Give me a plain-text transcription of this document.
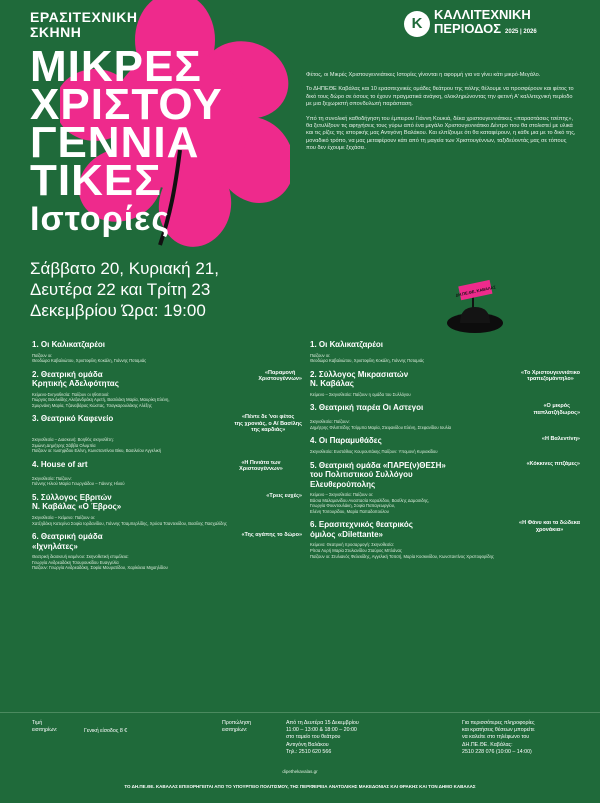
ΕΡΑΣΙΤΕΧΝΙΚΗ
ΣΚΗΝΗ
ΜΙΚΡΕΣ
ΧΡΙΣΤΟΥ
ΓΕΝΝΙΑ
ΤΙΚΕΣ
Ιστορίες
Σάββατο 20, Κυριακή 21,
Δευτέρα 22 και Τρίτη 23
Δεκεμβρίου Ώρα: 19:00
Κ
ΚΑΛΛΙΤΕΧΝΙΚΗ
ΠΕΡΙΟΔΟΣ 2025 | 2026

Φέτος, οι Μικρές Χριστουγεννιάτικες Ιστορίες γίνονται η αφορμή για να γίνει κάτι μικρό-Μεγάλο.

Το ΔΗΠΕΘΕ Καβάλας και 10 ερασιτεχνικές ομάδες θεάτρου της πόλης θέλουμε να προσφέρουν και φέτος το δικό τους δώρο σε όσους το έχουν πραγματικά ανάγκη, ολοκληρώνοντας την φετινή Α' καλλιτεχνική περίοδο με μια ξεχωριστή σπονδυλωτή παράσταση.

Υπό τη συνολική καθοδήγηση του έμπειρου Γιάννη Κουκιά, δέκα χριστουγεννιάτικες «παραστάσεις τσέπης», θα ξετυλίξουν τις αφηγήσεις τους γύρω από ένα μεγάλο Χριστουγεννιάτικο Δέντρο που θα στολιστεί με υλικά και τις ρίζες της ιστορικής μας Αντιγόνη Βαλάκου. Και ελπίζουμε ότι θα καταφέρουν, η κάθε μια με το δικό της, μοναδικό τρόπο, να μας μεταφέρουν κάτι από τη μαγεία των Χριστουγέννων, ταξιδεύοντάς μας σε τόπους που δεν έχουμε ξεχάσει.

ΔΗ.ΠΕ.ΘΕ. ΚΑΒΑΛΑΣ
1. Οι Καλικατζαρέοι
Παίζουν οι:
Θεοδώρα Καβαλιώτου, Χριστοφίλη Κοκάλη, Γιάννης Ποταμιάς
2. Θεατρική ομάδα
Κρητικής Αδελφότητας
«Παραμονή
Χριστουγέννων»
Κείμενο-Σκηνοθεσία: Παίζουν οι ηθοποιοί:
Γιώργος Βουλκίδης Αλεξανδράκη Αρετή, Βασιλάκη Μαρία, Μαυρίκη Ελένη,
Σμυρνάκη Μαρία, Τζαναβάρας Κώστας, Τσαγκαρουλάκης Αλέξης
3. Θεατρικό Καφενείο	«Πέντε δε 'νοι φέτος
της χρονιάς, ο Αϊ Βασίλης
της καρδιάς»
Σκηνοθεσία – Διασκευή: Βοηθός σκηνοθέτη:
Σιμώνη Δημήτρης Σάββα Ολυμπία
Παίζουν οι: Ιωσηφίδου Ελένη, Κωνσταντίνου Βίκυ, Βασιλείου Αγγελική
4. House of art	«Η Πινιάτα των Χριστουγέννων»
Σκηνοθεσία: Παίζουν:
Γιάννης Ηλιού Μαρία Γεωργιάδου – Γιάννης Ηλιού
5. Σύλλογος Εβριτών
Ν. Καβάλας «Ο Έβρος»
«Τρεις ευχές»
Σκηνοθεσία – Κείμενο: Παίζουν οι:
Χατζηδάκη Κατερίνα Σοφία Ιορδανίδου, Γιάννης Τσαμπερλίδης, Χρύσα Τσαντεκίδου, Βασίλης Πασχαλίδης
6. Θεατρική ομάδα
«Ιχνηλάτες»
«Της αγάπης το δώρο»
Θεατρική διασκευή κειμένου: Σκηνοθετική επιμέλεια:
Γεωργία Ανδρεαδάκη Τσουρουκίδου Ευαγγελία
Παίζουν: Γεωργία Ανδρεαδάκη, Σοφία Μουρατίδου, Χαρίκλεια Μιχαηλίδου
1. Οι Καλικατζαρέοι
Παίζουν οι:
Θεοδώρα Καβαλιώτου, Χριστοφίλη Κοκάλη, Γιάννης Ποταμιάς
2. Σύλλογος Μικρασιατών
Ν. Καβάλας
«Το Χριστουγεννιάτικο
τραπεζομάντηλο»
Κείμενο – Σκηνοθεσία: Παίζουν η ομάδα του Συλλόγου
3. Θεατρική παρέα Οι Αστεγοι	«Ο μικρός
παπλατζήδωρος»
Σκηνοθεσία: Παίζουν:
Δημήτρης Φιλιππίδης Τσίρμπα Μαρία, Στεφανίδου Ελένη, Στεφανίδου Ιουλία
4. Οι Παραμυθάδες	«Η Βαλεντίνη»
Σκηνοθεσία: Ευστάθιος Κουρουπάκης Παίζουν: Υπομονή Κυριακίδου
5. Θεατρική ομάδα «ΠΑΡΕ(ν)ΘΕΣΗ»
του Πολιτιστικού Συλλόγου
Ελευθερούπολης
«Κόκκινες πιτζάμες»
Κείμενο – Σκηνοθεσία: Παίζουν οι:
Βάσια Μαλαμανίδου Αναστασία Καραλίδου, Βασίλης Δαμασιδης,
Γεωργία Φουντουλάκη, Σοφία Παπαγεωργίου,
Ελένη Τσιτουρίδου, Μαρία Παπαδοπούλου
6. Ερασιτεχνικός θεατρικός
όμιλος «Dilettante»
«Η Φάνυ και τα δώδεκα
χρονάκια»
Κείμενο: Θεατρική προσαρμογή: Σκηνοθεσία:
Ρίτσα Λυρή Μαρία Στυλιανίδου Σταύρος Μπλάνας
Παίζουν οι: Στυλιανός Φελεκίδης, Αγγελική Τσιτσή, Μαρία Κοσκινίδου, Κωνσταντίνος Χριστοφορίδης
Τιμή
εισιτηρίων:	Γενική είσοδος 8 €
Προπώληση
εισιτηρίων:
Από τη Δευτέρα 15 Δεκεμβρίου
11:00 – 13:00 & 18:00 – 20:00
στο ταμείο του θεάτρου
Αντιγόνη Βαλάκου
Τηλ.: 2510 620 566
Για περισσότερες πληροφορίες
και κρατήσεις θέσεων μπορείτε
να καλείτε στο τηλέφωνο του
ΔΗ.ΠΕ.ΘΕ. Καβάλας:
2510 228 076 (10:00 – 14:00)
dipethekavalas.gr
ΤΟ ΔΗ.ΠΕ.ΘΕ. ΚΑΒΑΛΑΣ ΕΠΙΧΟΡΗΓΕΙΤΑΙ ΑΠΟ ΤΟ ΥΠΟΥΡΓΕΙΟ ΠΟΛΙΤΙΣΜΟΥ, ΤΗΣ ΠΕΡΙΦΕΡΕΙΑ ΑΝΑΤΟΛΙΚΗΣ ΜΑΚΕΔΟΝΙΑΣ ΚΑΙ ΘΡΑΚΗΣ ΚΑΙ ΤΟΝ ΔΗΜΟ ΚΑΒΑΛΑΣ
